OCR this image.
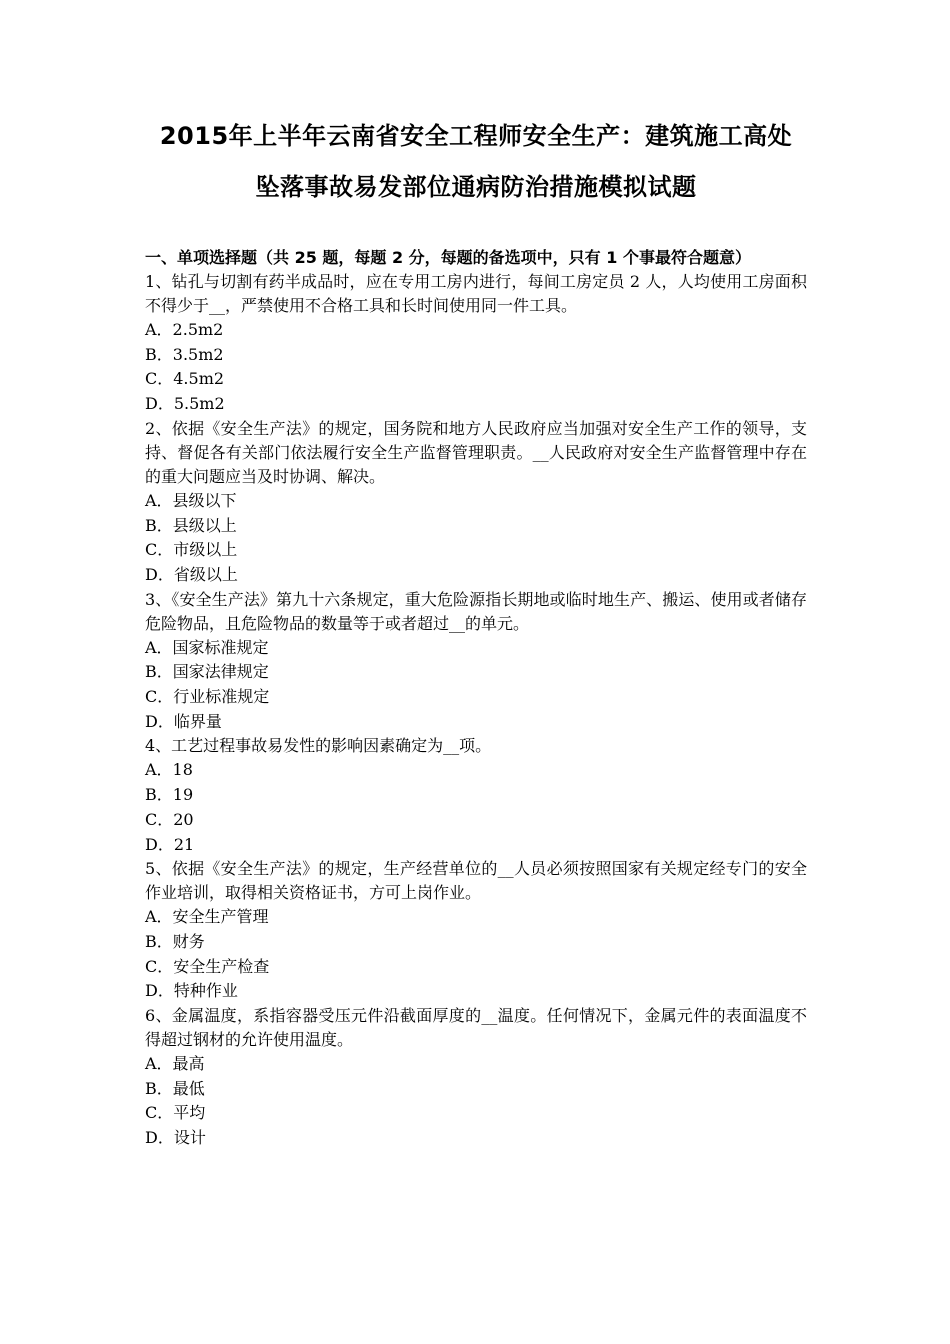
2015年上半年云南省安全工程师安全生产：建筑施工高处
坠落事故易发部位通病防治措施模拟试题

一、单项选择题（共 25 题，每题 2 分，每题的备选项中，只有 1 个事最符合题意）

1、钻孔与切割有药半成品时，应在专用工房内进行，每间工房定员 2 人，人均使用工房面积不得少于__，严禁使用不合格工具和长时间使用同一件工具。

A．2.5m2

B．3.5m2

C．4.5m2

D．5.5m2

2、依据《安全生产法》的规定，国务院和地方人民政府应当加强对安全生产工作的领导，支持、督促各有关部门依法履行安全生产监督管理职责。__人民政府对安全生产监督管理中存在的重大问题应当及时协调、解决。

A．县级以下

B．县级以上

C．市级以上

D．省级以上

3、《安全生产法》第九十六条规定，重大危险源指长期地或临时地生产、搬运、使用或者储存危险物品，且危险物品的数量等于或者超过__的单元。

A．国家标准规定

B．国家法律规定

C．行业标准规定

D．临界量

4、工艺过程事故易发性的影响因素确定为__项。

A．18

B．19

C．20

D．21

5、依据《安全生产法》的规定，生产经营单位的__人员必须按照国家有关规定经专门的安全作业培训，取得相关资格证书，方可上岗作业。

A．安全生产管理

B．财务

C．安全生产检查

D．特种作业

6、金属温度，系指容器受压元件沿截面厚度的__温度。任何情况下，金属元件的表面温度不得超过钢材的允许使用温度。

A．最高

B．最低

C．平均

D．设计
